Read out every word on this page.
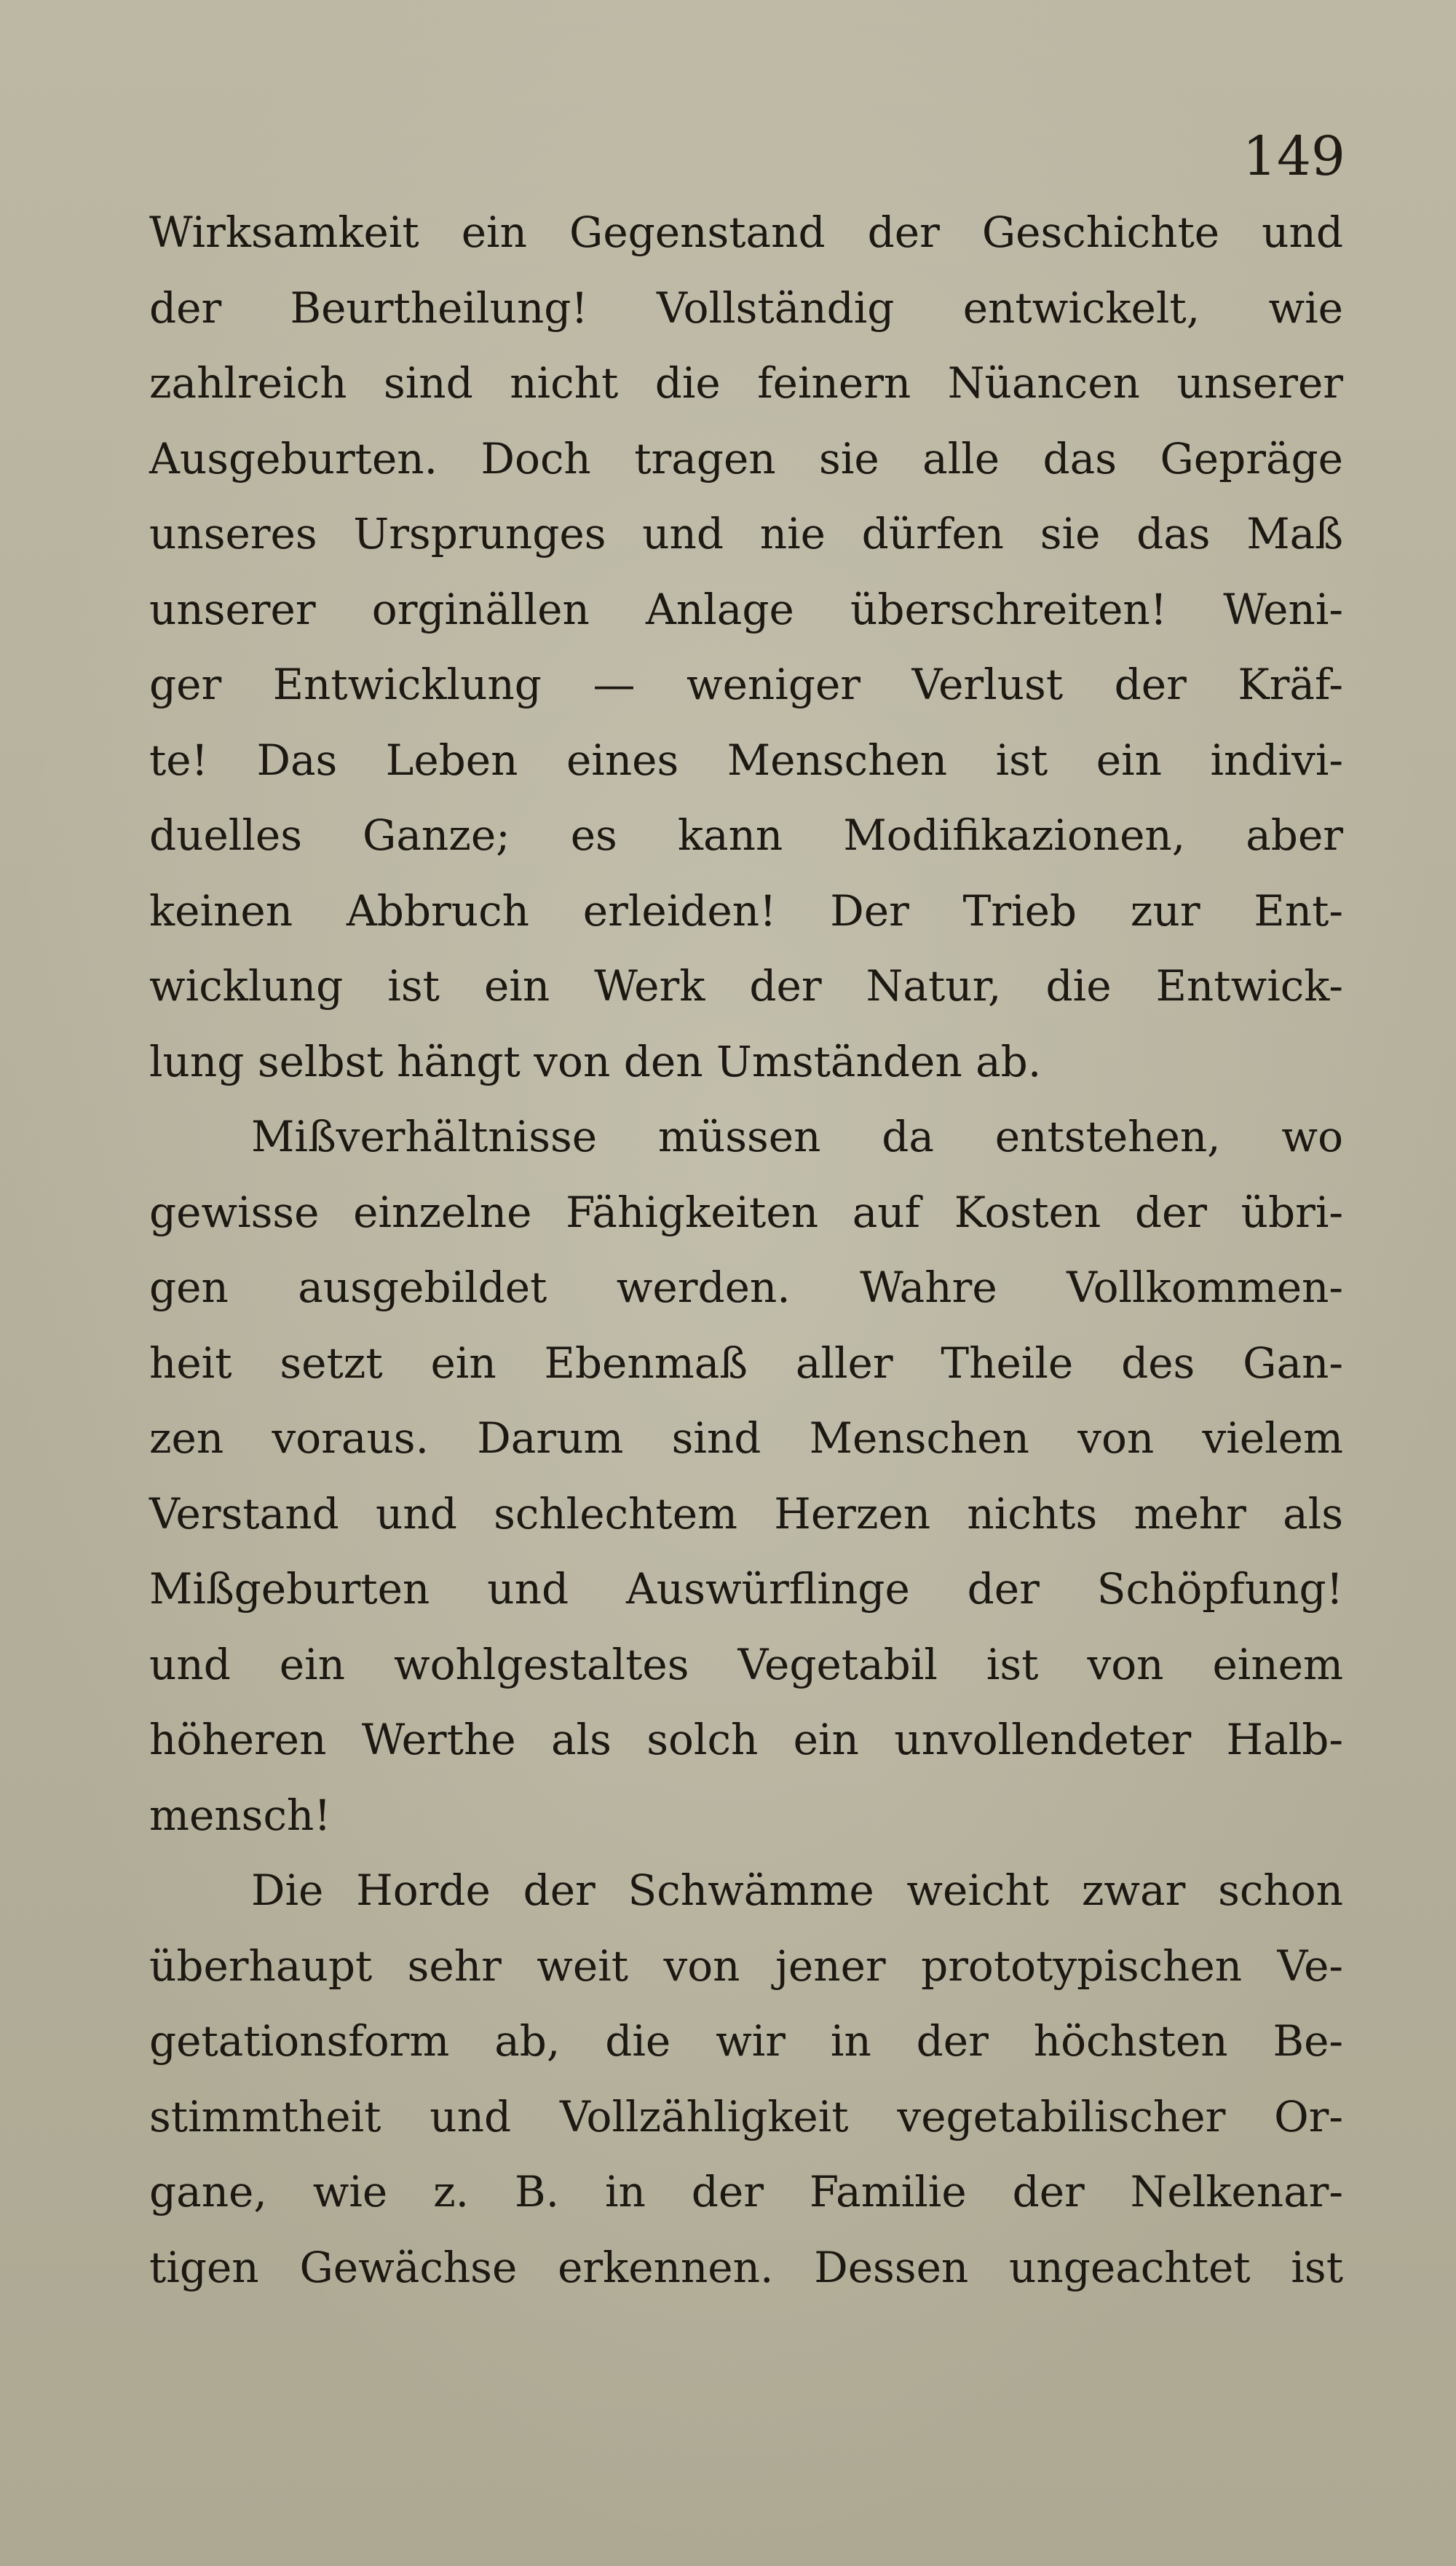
149

Wirksamkeit ein Gegenstand der Geschichte und
der Beurtheilung! Vollständig entwickelt, wie
zahlreich sind nicht die feinern Nüancen unserer
Ausgeburten. Doch tragen sie alle das Gepräge
unseres Ursprunges und nie dürfen sie das Maß
unserer orginällen Anlage überschreiten! Weni-
ger Entwicklung — weniger Verlust der Kräf-
te! Das Leben eines Menschen ist ein indivi-
duelles Ganze; es kann Modifikazionen, aber
keinen Abbruch erleiden! Der Trieb zur Ent-
wicklung ist ein Werk der Natur, die Entwick-
lung selbst hängt von den Umständen ab.

Mißverhältnisse müssen da entstehen, wo
gewisse einzelne Fähigkeiten auf Kosten der übri-
gen ausgebildet werden. Wahre Vollkommen-
heit setzt ein Ebenmaß aller Theile des Gan-
zen voraus. Darum sind Menschen von vielem
Verstand und schlechtem Herzen nichts mehr als
Mißgeburten und Auswürflinge der Schöpfung!
und ein wohlgestaltes Vegetabil ist von einem
höheren Werthe als solch ein unvollendeter Halb-
mensch!

Die Horde der Schwämme weicht zwar schon
überhaupt sehr weit von jener prototypischen Ve-
getationsform ab, die wir in der höchsten Be-
stimmtheit und Vollzähligkeit vegetabilischer Or-
gane, wie z. B. in der Familie der Nelkenar-
tigen Gewächse erkennen. Dessen ungeachtet ist
